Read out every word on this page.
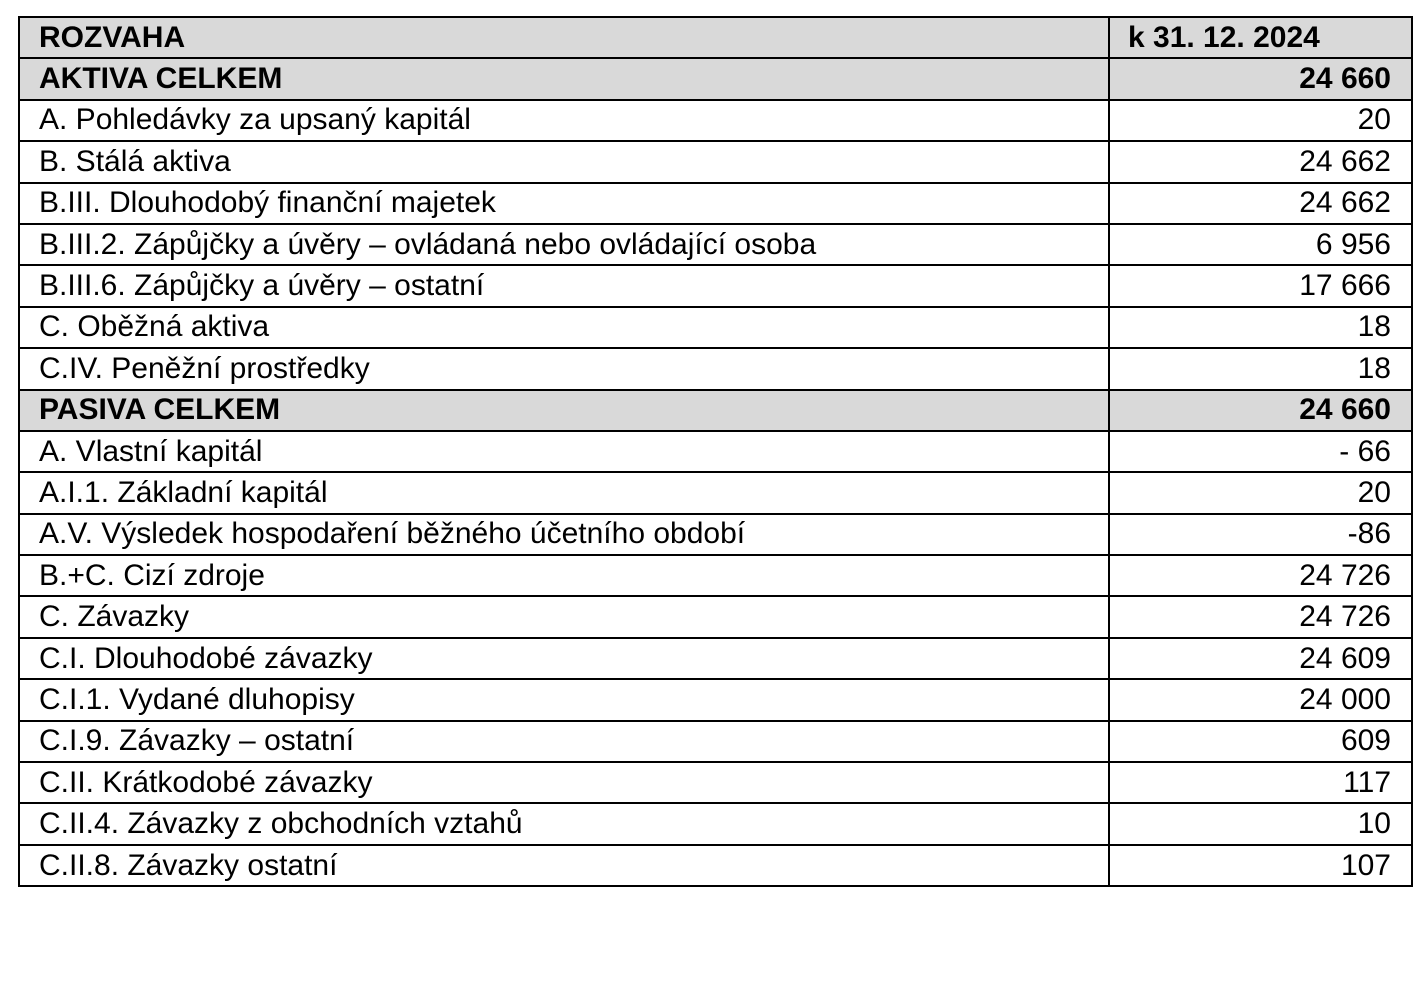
ROZVAHA	k 31. 12. 2024
AKTIVA CELKEM	24 660
A. Pohledávky za upsaný kapitál	20
B. Stálá aktiva	24 662
B.III. Dlouhodobý finanční majetek	24 662
B.III.2. Zápůjčky a úvěry – ovládaná nebo ovládající osoba	6 956
B.III.6. Zápůjčky a úvěry – ostatní	17 666
C. Oběžná aktiva	18
C.IV. Peněžní prostředky	18
PASIVA CELKEM	24 660
A. Vlastní kapitál	- 66
A.I.1. Základní kapitál	20
A.V. Výsledek hospodaření běžného účetního období	-86
B.+C. Cizí zdroje	24 726
C. Závazky	24 726
C.I. Dlouhodobé závazky	24 609
C.I.1. Vydané dluhopisy	24 000
C.I.9. Závazky – ostatní	609
C.II. Krátkodobé závazky	117
C.II.4. Závazky z obchodních vztahů	10
C.II.8. Závazky ostatní	107
